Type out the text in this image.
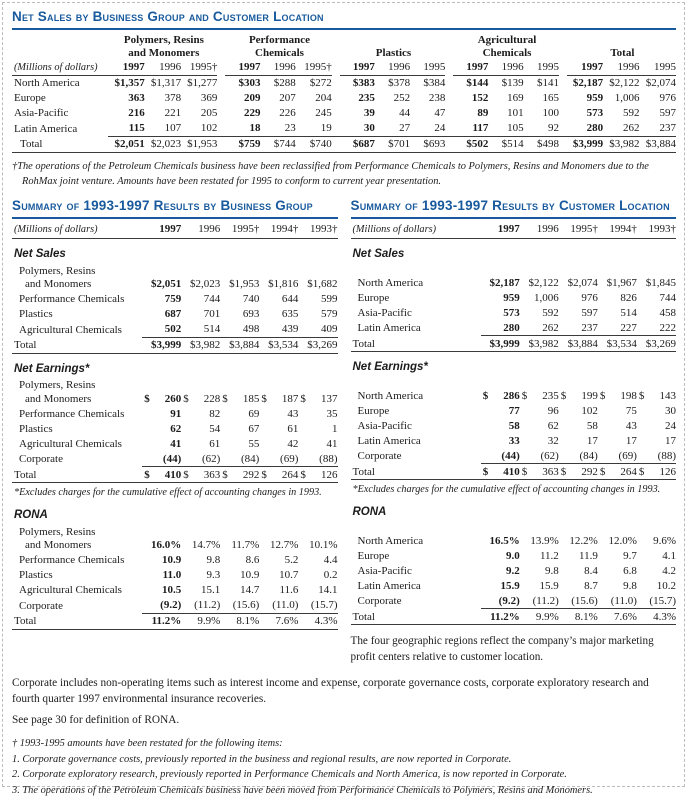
Net Sales by Business Group and Customer Location
	Polymers, Resins and Monomers				Performance Chemicals				Plastics				Agricultural Chemicals				Total		
(Millions of dollars)	1997	1996	1995†		1997	1996	1995†		1997	1996	1995		1997	1996	1995		1997	1996	1995
North America	$1,357	$1,317	$1,277		$303	$288	$272		$383	$378	$384		$144	$139	$141		$2,187	$2,122	$2,074
Europe	363	378	369		209	207	204		235	252	238		152	169	165		959	1,006	976
Asia-Pacific	216	221	205		229	226	245		39	44	47		89	101	100		573	592	597
Latin America	115	107	102		18	23	19		30	27	24		117	105	92		280	262	237
Total	$2,051	$2,023	$1,953		$759	$744	$740		$687	$701	$693		$502	$514	$498		$3,999	$3,982	$3,884
†The operations of the Petroleum Chemicals business have been reclassified from Performance Chemicals to Polymers, Resins and Monomers due to the RohMax joint venture. Amounts have been restated for 1995 to conform to current year presentation.
Summary of 1993-1997 Results by Business Group
(Millions of dollars)	1997	1996	1995†	1994†	1993†
Net Sales					
Polymers, Resins					
and Monomers	$2,051	$2,023	$1,953	$1,816	$1,682
Performance Chemicals	759	744	740	644	599
Plastics	687	701	693	635	579
Agricultural Chemicals	502	514	498	439	409
Total	$3,999	$3,982	$3,884	$3,534	$3,269
Net Earnings*					
Polymers, Resins					
and Monomers	$ 260	$ 228	$ 185	$ 187	$ 137

Performance Chemicals	91	82	69	43	35
Plastics	62	54	67	61	1
Agricultural Chemicals	41	61	55	42	41
Corporate	(44)	(62)	(84)	(69)	(88)
Total	$ 410	$ 363	$ 292	$ 264	$ 126

*Excludes charges for the cumulative effect of accounting changes in 1993.					
RONA					
Polymers, Resins					
and Monomers	16.0%	14.7%	11.7%	12.7%	10.1%
Performance Chemicals	10.9	9.8	8.6	5.2	4.4
Plastics	11.0	9.3	10.9	10.7	0.2
Agricultural Chemicals	10.5	15.1	14.7	11.6	14.1
Corporate	(9.2)	(11.2)	(15.6)	(11.0)	(15.7)
Total	11.2%	9.9%	8.1%	7.6%	4.3%
Summary of 1993-1997 Results by Customer Location
(Millions of dollars)	1997	1996	1995†	1994†	1993†
Net Sales					

North America	$2,187	$2,122	$2,074	$1,967	$1,845
Europe	959	1,006	976	826	744
Asia-Pacific	573	592	597	514	458
Latin America	280	262	237	227	222
Total	$3,999	$3,982	$3,884	$3,534	$3,269
Net Earnings*					

North America	$ 286	$ 235	$ 199	$ 198	$ 143

Europe	77	96	102	75	30
Asia-Pacific	58	62	58	43	24
Latin America	33	32	17	17	17
Corporate	(44)	(62)	(84)	(69)	(88)
Total	$ 410	$ 363	$ 292	$ 264	$ 126

*Excludes charges for the cumulative effect of accounting changes in 1993.					
RONA					

North America	16.5%	13.9%	12.2%	12.0%	9.6%
Europe	9.0	11.2	11.9	9.7	4.1
Asia-Pacific	9.2	9.8	8.4	6.8	4.2
Latin America	15.9	15.9	8.7	9.8	10.2
Corporate	(9.2)	(11.2)	(15.6)	(11.0)	(15.7)
Total	11.2%	9.9%	8.1%	7.6%	4.3%
The four geographic regions reflect the company’s major marketing profit centers relative to customer location.

Corporate includes non-operating items such as interest income and expense, corporate governance costs, corporate exploratory research and fourth quarter 1997 environmental insurance recoveries.

See page 30 for definition of RONA.

† 1993-1995 amounts have been restated for the following items:
1. Corporate governance costs, previously reported in the business and regional results, are now reported in Corporate.
2. Corporate exploratory research, previously reported in Performance Chemicals and North America, is now reported in Corporate.
3. The operations of the Petroleum Chemicals business have been moved from Performance Chemicals to Polymers, Resins and Monomers.
